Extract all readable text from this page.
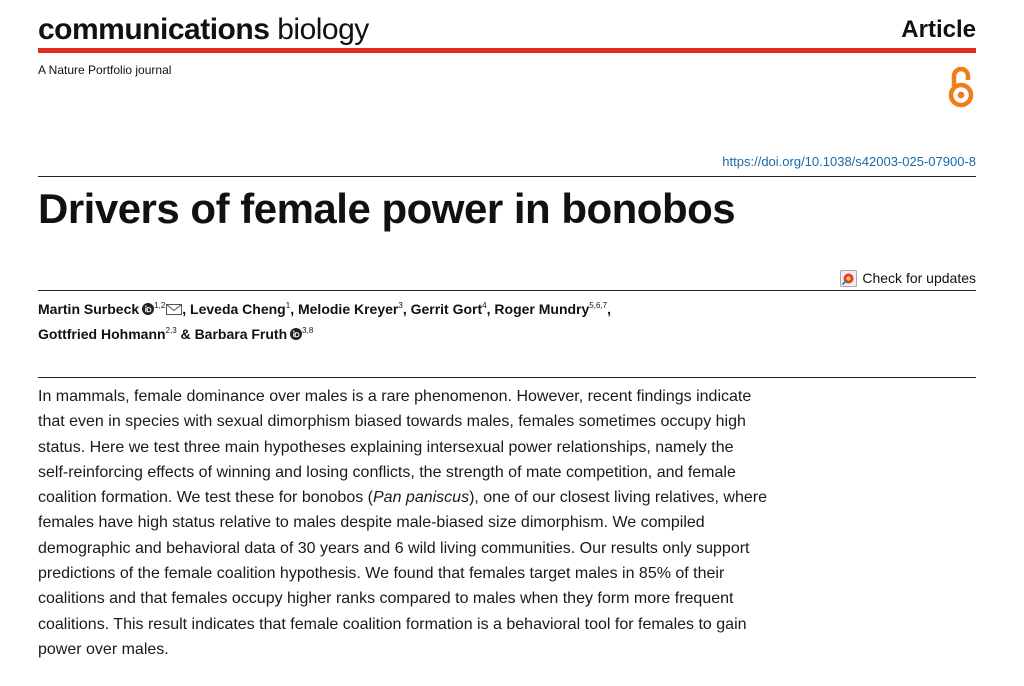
communications biology	Article
A Nature Portfolio journal
https://doi.org/10.1038/s42003-025-07900-8
Drivers of female power in bonobos
Check for updates
Martin Surbeck $^{1,2}$ , Leveda Cheng$^1$, Melodie Kreyer$^3$, Gerrit Gort$^4$, Roger Mundry$^{5,6,7}$,
Gottfried Hohmann$^{2,3}$ & Barbara Fruth $^{3,8}$

In mammals, female dominance over males is a rare phenomenon. However, recent findings indicate
that even in species with sexual dimorphism biased towards males, females sometimes occupy high
status. Here we test three main hypotheses explaining intersexual power relationships, namely the
self-reinforcing effects of winning and losing conflicts, the strength of mate competition, and female
coalition formation. We test these for bonobos (Pan paniscus), one of our closest living relatives, where
females have high status relative to males despite male-biased size dimorphism. We compiled
demographic and behavioral data of 30 years and 6 wild living communities. Our results only support
predictions of the female coalition hypothesis. We found that females target males in 85% of their
coalitions and that females occupy higher ranks compared to males when they form more frequent
coalitions. This result indicates that female coalition formation is a behavioral tool for females to gain
power over males.
